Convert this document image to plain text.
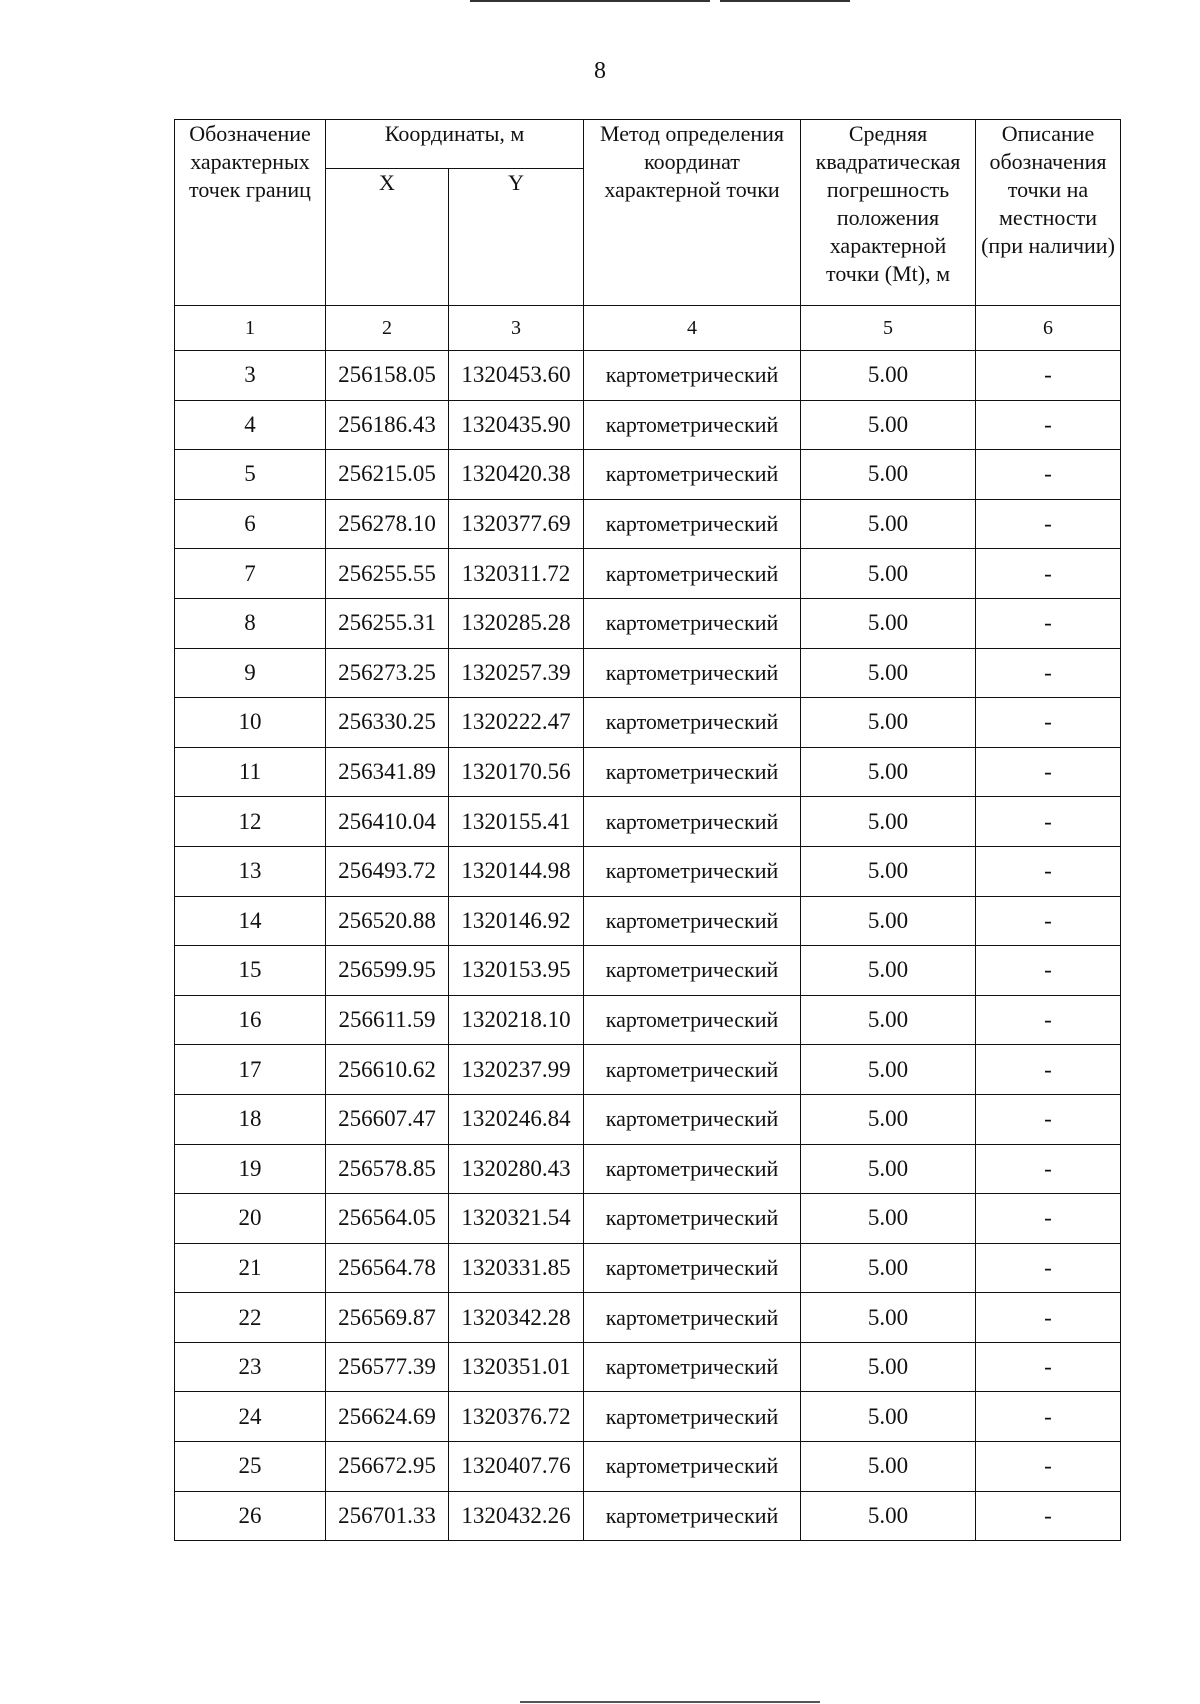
8
Обозначение характерных точек границ	Координаты, м		Метод определения координат характерной точки	Средняя квадратическая погрешность положения характерной точки (Mt), м	Описание обозначения точки на местности (при наличии)
	X	Y			
1	2	3	4	5	6
3	256158.05	1320453.60	картометрический	5.00	-
4	256186.43	1320435.90	картометрический	5.00	-
5	256215.05	1320420.38	картометрический	5.00	-
6	256278.10	1320377.69	картометрический	5.00	-
7	256255.55	1320311.72	картометрический	5.00	-
8	256255.31	1320285.28	картометрический	5.00	-
9	256273.25	1320257.39	картометрический	5.00	-
10	256330.25	1320222.47	картометрический	5.00	-
11	256341.89	1320170.56	картометрический	5.00	-
12	256410.04	1320155.41	картометрический	5.00	-
13	256493.72	1320144.98	картометрический	5.00	-
14	256520.88	1320146.92	картометрический	5.00	-
15	256599.95	1320153.95	картометрический	5.00	-
16	256611.59	1320218.10	картометрический	5.00	-
17	256610.62	1320237.99	картометрический	5.00	-
18	256607.47	1320246.84	картометрический	5.00	-
19	256578.85	1320280.43	картометрический	5.00	-
20	256564.05	1320321.54	картометрический	5.00	-
21	256564.78	1320331.85	картометрический	5.00	-
22	256569.87	1320342.28	картометрический	5.00	-
23	256577.39	1320351.01	картометрический	5.00	-
24	256624.69	1320376.72	картометрический	5.00	-
25	256672.95	1320407.76	картометрический	5.00	-
26	256701.33	1320432.26	картометрический	5.00	-
